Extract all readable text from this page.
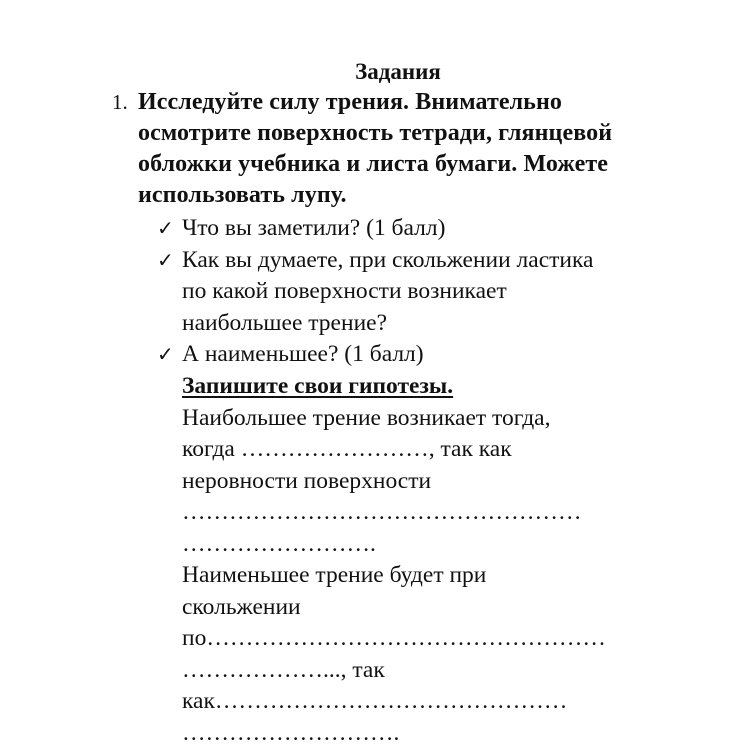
Задания
1. Исследуйте силу трения. Внимательно
осмотрите поверхность тетради, глянцевой
обложки учебника и листа бумаги. Можете
использовать лупу.
✓ Что вы заметили? (1 балл)
✓ Как вы думаете, при скольжении ластика
по какой поверхности возникает
наибольшее трение?
✓ А наименьшее? (1 балл)
Запишите свои гипотезы.
Наибольшее трение возникает тогда,
когда ……………………, так как
неровности поверхности
……………………………………………
…………………….
Наименьшее трение будет при
скольжении
по……………………………………………
………………..., так
как………………………………………
……………………….
